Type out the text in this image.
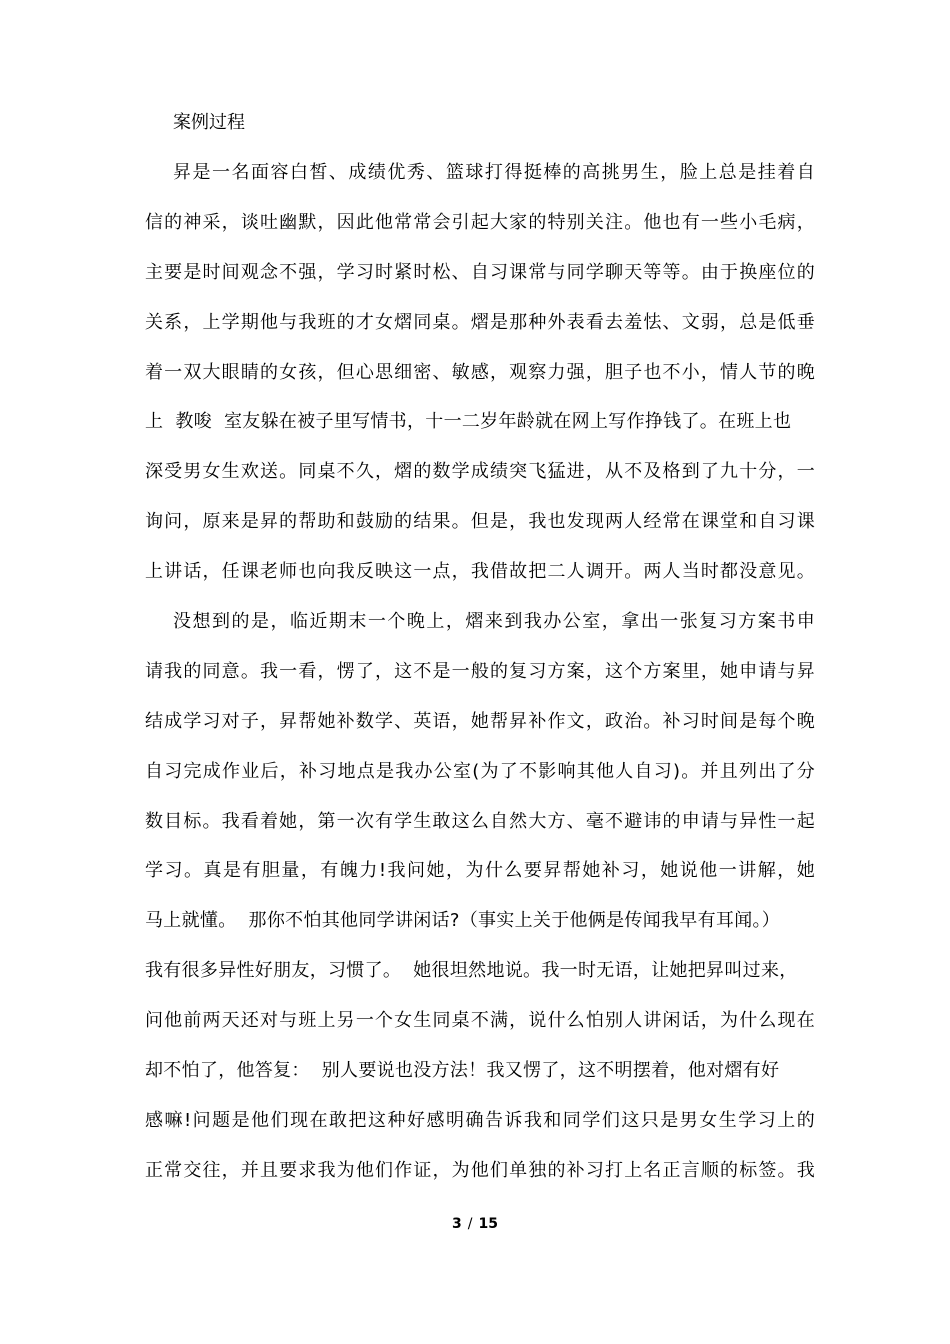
案例过程
昇是一名面容白皙、成绩优秀、篮球打得挺棒的高挑男生，脸上总是挂着自
信的神采，谈吐幽默，因此他常常会引起大家的特别关注。他也有一些小毛病，
主要是时间观念不强，学习时紧时松、自习课常与同学聊天等等。由于换座位的
关系，上学期他与我班的才女熠同桌。熠是那种外表看去羞怯、文弱，总是低垂
着一双大眼睛的女孩，但心思细密、敏感，观察力强，胆子也不小，情人节的晚
上  教唆  室友躲在被子里写情书，十一二岁年龄就在网上写作挣钱了。在班上也
深受男女生欢送。同桌不久，熠的数学成绩突飞猛进，从不及格到了九十分，一
询问，原来是昇的帮助和鼓励的结果。但是，我也发现两人经常在课堂和自习课
上讲话，任课老师也向我反映这一点，我借故把二人调开。两人当时都没意见。
没想到的是，临近期末一个晚上，熠来到我办公室，拿出一张复习方案书申
请我的同意。我一看，愣了，这不是一般的复习方案，这个方案里，她申请与昇
结成学习对子，昇帮她补数学、英语，她帮昇补作文，政治。补习时间是每个晚
自习完成作业后，补习地点是我办公室(为了不影响其他人自习)。并且列出了分
数目标。我看着她，第一次有学生敢这么自然大方、毫不避讳的申请与异性一起
学习。真是有胆量，有魄力!我问她，为什么要昇帮她补习，她说他一讲解，她
马上就懂。  那你不怕其他同学讲闲话?（事实上关于他俩是传闻我早有耳闻。）
我有很多异性好朋友，习惯了。  她很坦然地说。我一时无语，让她把昇叫过来，
问他前两天还对与班上另一个女生同桌不满，说什么怕别人讲闲话，为什么现在
却不怕了，他答复：  别人要说也没方法！我又愣了，这不明摆着，他对熠有好
感嘛!问题是他们现在敢把这种好感明确告诉我和同学们这只是男女生学习上的
正常交往，并且要求我为他们作证，为他们单独的补习打上名正言顺的标签。我
3 / 15
